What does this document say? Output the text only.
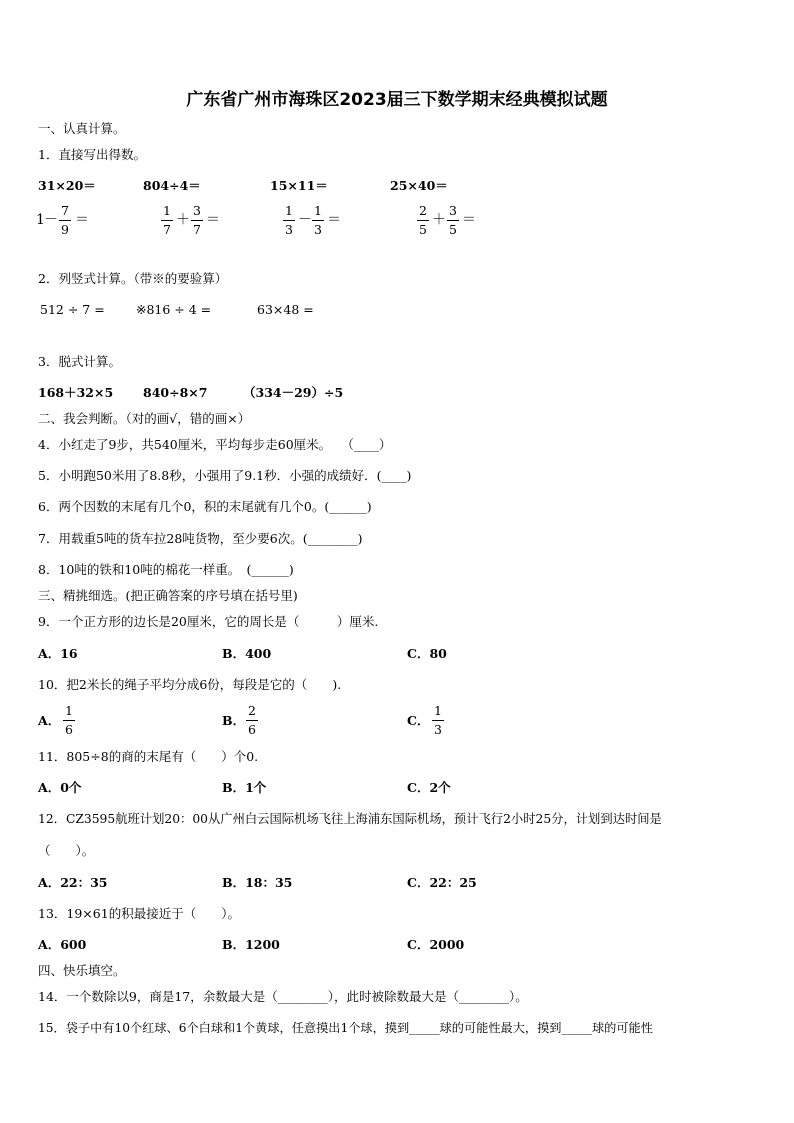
广东省广州市海珠区2023届三下数学期末经典模拟试题
一、认真计算。
1．直接写出得数。
31×20＝	804÷4＝	15×11＝	25×40＝
1 －
7
9
＝
1
7
＋
3
7
＝
1
3
－
1
3
＝
2
5
＋
3
5
＝
2．列竖式计算。（带※的要验算）
512 ÷ 7 =	※816 ÷ 4 =	63×48 =
3．脱式计算。
168＋32×5 840÷8×7	（334－29）÷5
二、我会判断。（对的画√，错的画×）
4．小红走了9步，共540厘米，平均每步走60厘米。　 （____）
5．小明跑50米用了8.8秒，小强用了9.1秒．小强的成绩好．(____)
6．两个因数的末尾有几个0，积的末尾就有几个0。(______)
7．用载重5吨的货车拉28吨货物，至少要6次。(________)
8．10吨的铁和10吨的棉花一样重。　(______)
三、精挑细选。(把正确答案的序号填在括号里)
9．一个正方形的边长是20厘米，它的周长是（　　　）厘米.
A．16	B．400	C．80
10．把2米长的绳子平均分成6份，每段是它的（　　).
A．
1
6
B．
2
6
C．
1
3
11．805÷8的商的末尾有（　　）个0.
A．0个	B．1个	C．2个
12．CZ3595航班计划20：00从广州白云国际机场飞往上海浦东国际机场，预计飞行2小时25分，计划到达时间是
（　　）。
A．22：35	B．18：35	C．22：25
13．19×61的积最接近于（　　）。
A．600	B．1200	C．2000
四、快乐填空。
14．一个数除以9，商是17，余数最大是（________），此时被除数最大是（________）。
15．袋子中有10个红球、6个白球和1个黄球，任意摸出1个球，摸到_____球的可能性最大，摸到_____球的可能性
